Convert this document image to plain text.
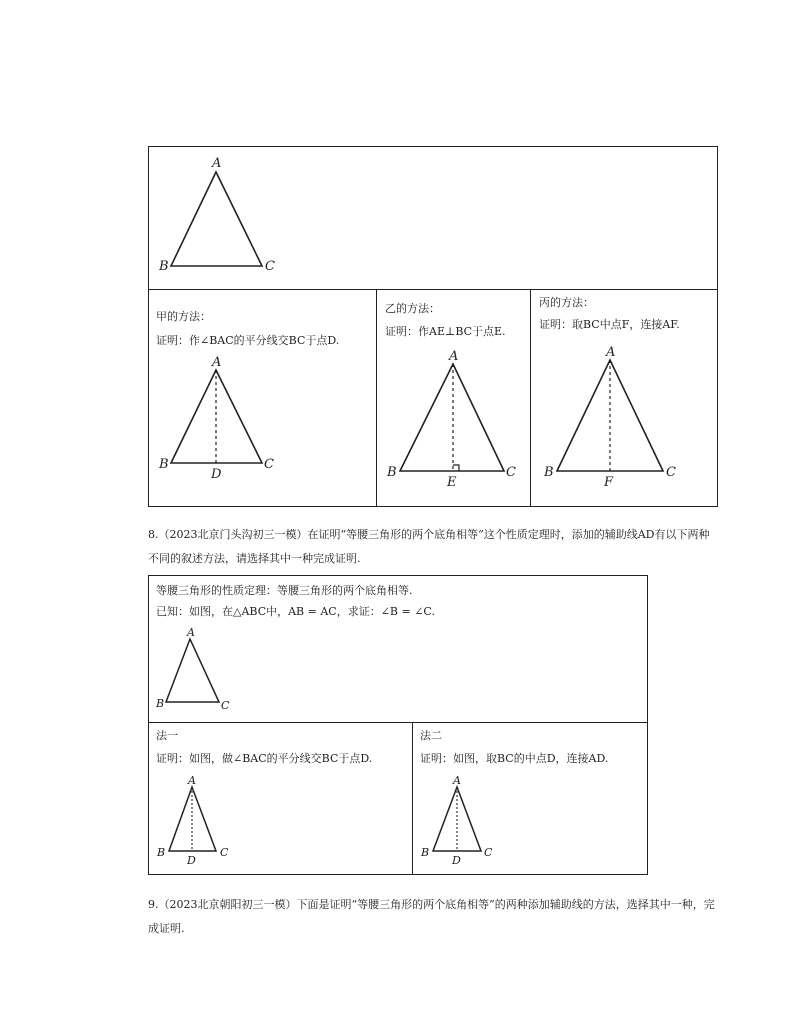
A
B	C
甲的方法：
证明：作∠BAC的平分线交BC于点D.
A
B	C
D
乙的方法：
证明：作AE⊥BC于点E.
A
B	C
E
丙的方法：
证明：取BC中点F，连接AF.
A
B	C
F
8.（2023北京门头沟初三一模）在证明“等腰三角形的两个底角相等”这个性质定理时，添加的辅助线AD有以下两种不同的叙述方法，请选择其中一种完成证明.
等腰三角形的性质定理：等腰三角形的两个底角相等.
已知：如图，在△ABC中，AB = AC，求证：∠B = ∠C.
A
B	C
法一
证明：如图，做∠BAC的平分线交BC于点D.
A
B	C
D
法二
证明：如图，取BC的中点D，连接AD.
A
B	C
D
9.（2023北京朝阳初三一模）下面是证明“等腰三角形的两个底角相等”的两种添加辅助线的方法，选择其中一种，完成证明.
